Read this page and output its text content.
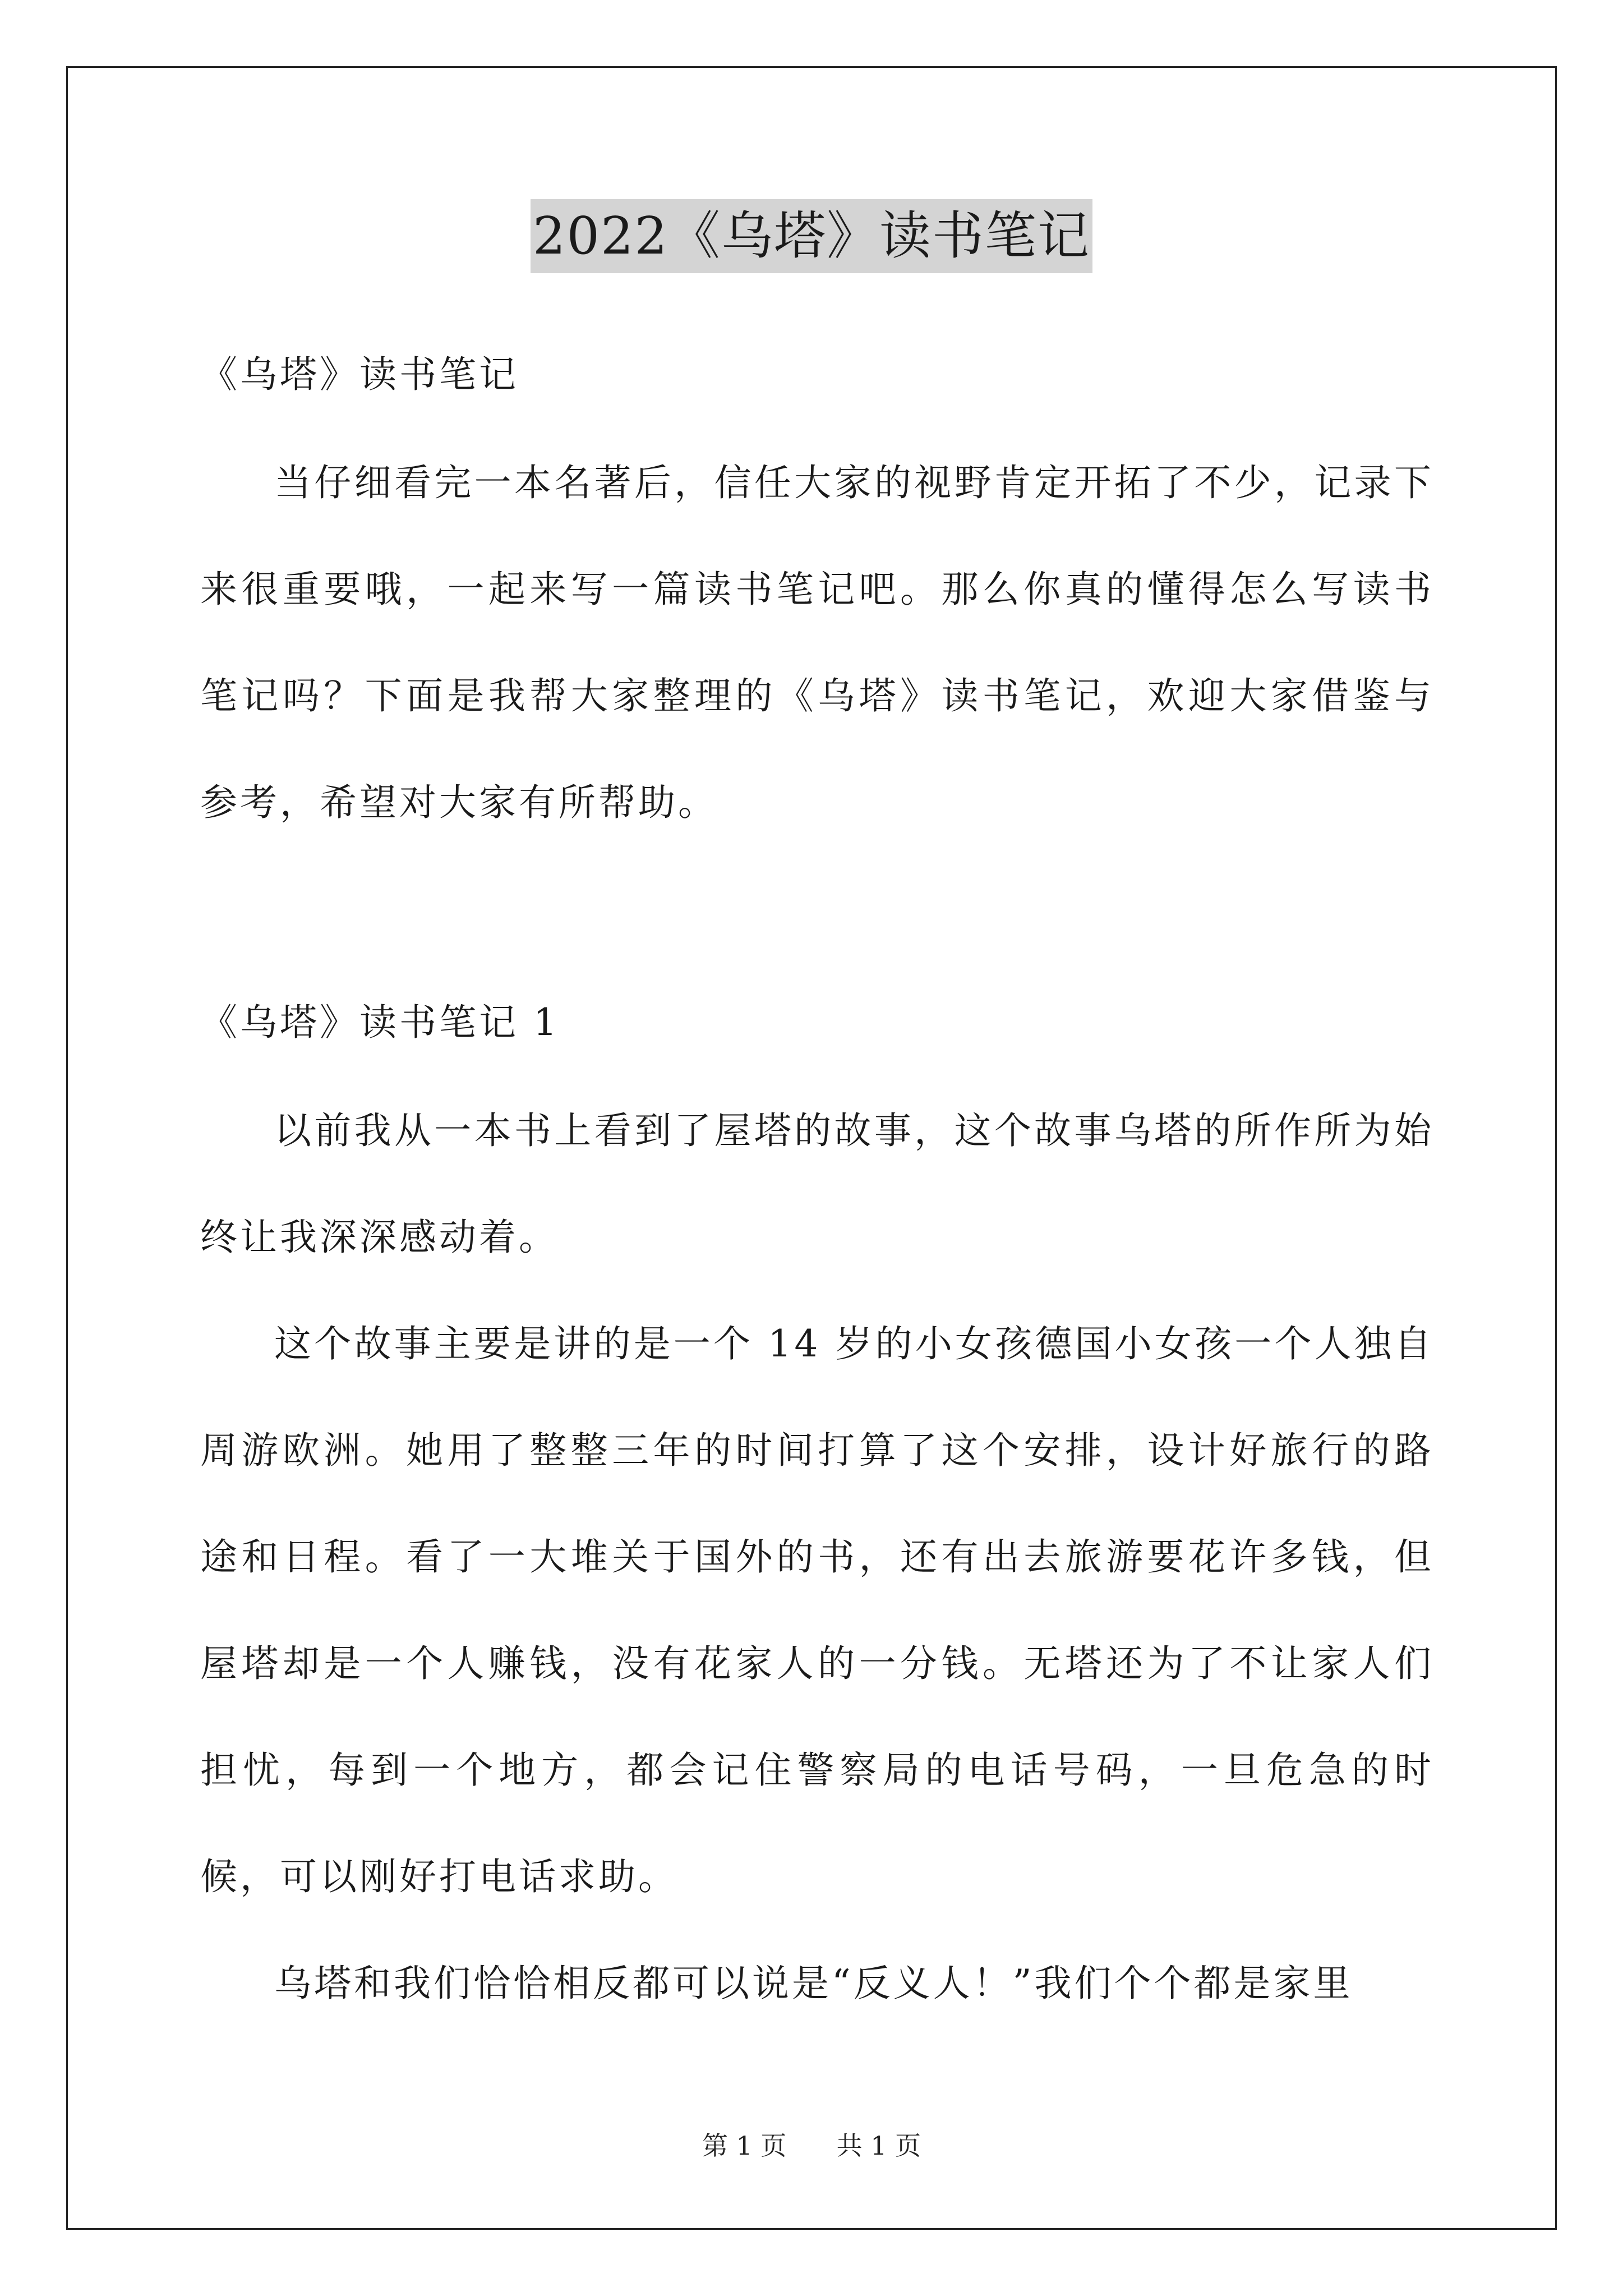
2022《乌塔》读书笔记

《乌塔》读书笔记

当仔细看完一本名著后，信任大家的视野肯定开拓了不少，记录下来很重要哦，一起来写一篇读书笔记吧。那么你真的懂得怎么写读书笔记吗？下面是我帮大家整理的《乌塔》读书笔记，欢迎大家借鉴与参考，希望对大家有所帮助。

《乌塔》读书笔记 1

以前我从一本书上看到了屋塔的故事，这个故事乌塔的所作所为始终让我深深感动着。

这个故事主要是讲的是一个 14 岁的小女孩德国小女孩一个人独自周游欧洲。她用了整整三年的时间打算了这个安排，设计好旅行的路途和日程。看了一大堆关于国外的书，还有出去旅游要花许多钱，但屋塔却是一个人赚钱，没有花家人的一分钱。无塔还为了不让家人们担忧，每到一个地方，都会记住警察局的电话号码，一旦危急的时候，可以刚好打电话求助。

乌塔和我们恰恰相反都可以说是“反义人！”我们个个都是家里

第 1 页 共 1 页
